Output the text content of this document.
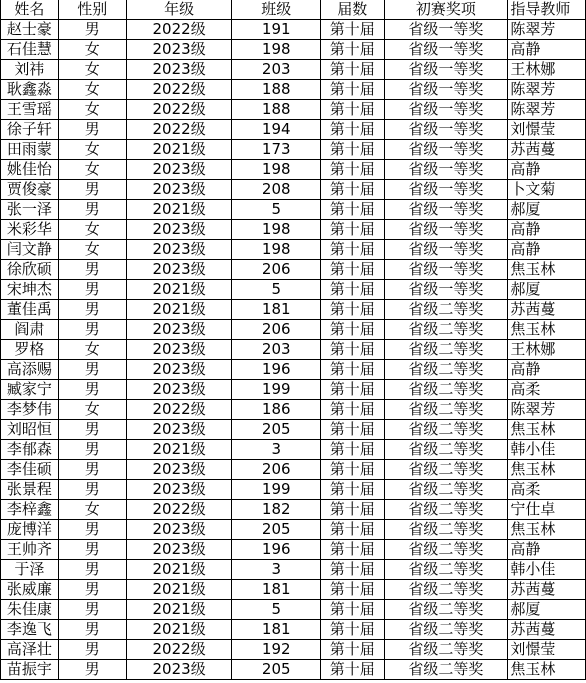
姓名	性别	年级	班级	届数	初赛奖项	指导教师
赵士豪	男	2022级	191	第十届	省级一等奖	陈翠芳
石佳慧	女	2023级	198	第十届	省级一等奖	高静
刘祎	女	2023级	203	第十届	省级一等奖	王林娜
耿鑫淼	女	2022级	188	第十届	省级一等奖	陈翠芳
王雪瑶	女	2022级	188	第十届	省级一等奖	陈翠芳
徐子轩	男	2022级	194	第十届	省级一等奖	刘憬莹
田雨蒙	女	2021级	173	第十届	省级一等奖	苏茜蔓
姚佳怡	女	2023级	198	第十届	省级一等奖	高静
贾俊豪	男	2023级	208	第十届	省级一等奖	卜文菊
张一泽	男	2021级	5	第十届	省级一等奖	郝厦
米彩华	女	2023级	198	第十届	省级一等奖	高静
闫文静	女	2023级	198	第十届	省级一等奖	高静
徐欣硕	男	2023级	206	第十届	省级一等奖	焦玉林
宋坤杰	男	2021级	5	第十届	省级一等奖	郝厦
董佳禹	男	2021级	181	第十届	省级二等奖	苏茜蔓
阎肃	男	2023级	206	第十届	省级二等奖	焦玉林
罗格	女	2023级	203	第十届	省级二等奖	王林娜
高添赐	男	2023级	196	第十届	省级二等奖	高静
臧家宁	男	2023级	199	第十届	省级二等奖	高柔
李梦伟	女	2022级	186	第十届	省级二等奖	陈翠芳
刘昭恒	男	2023级	205	第十届	省级二等奖	焦玉林
李郁森	男	2021级	3	第十届	省级二等奖	韩小佳
李佳硕	男	2023级	206	第十届	省级二等奖	焦玉林
张景程	男	2023级	199	第十届	省级二等奖	高柔
李梓鑫	女	2022级	182	第十届	省级二等奖	宁仕卓
庞博洋	男	2023级	205	第十届	省级二等奖	焦玉林
王帅齐	男	2023级	196	第十届	省级二等奖	高静
于泽	男	2021级	3	第十届	省级二等奖	韩小佳
张威廉	男	2021级	181	第十届	省级二等奖	苏茜蔓
朱佳康	男	2021级	5	第十届	省级二等奖	郝厦
李逸飞	男	2021级	181	第十届	省级二等奖	苏茜蔓
高泽壮	男	2022级	192	第十届	省级二等奖	刘憬莹
苗振宇	男	2023级	205	第十届	省级二等奖	焦玉林
